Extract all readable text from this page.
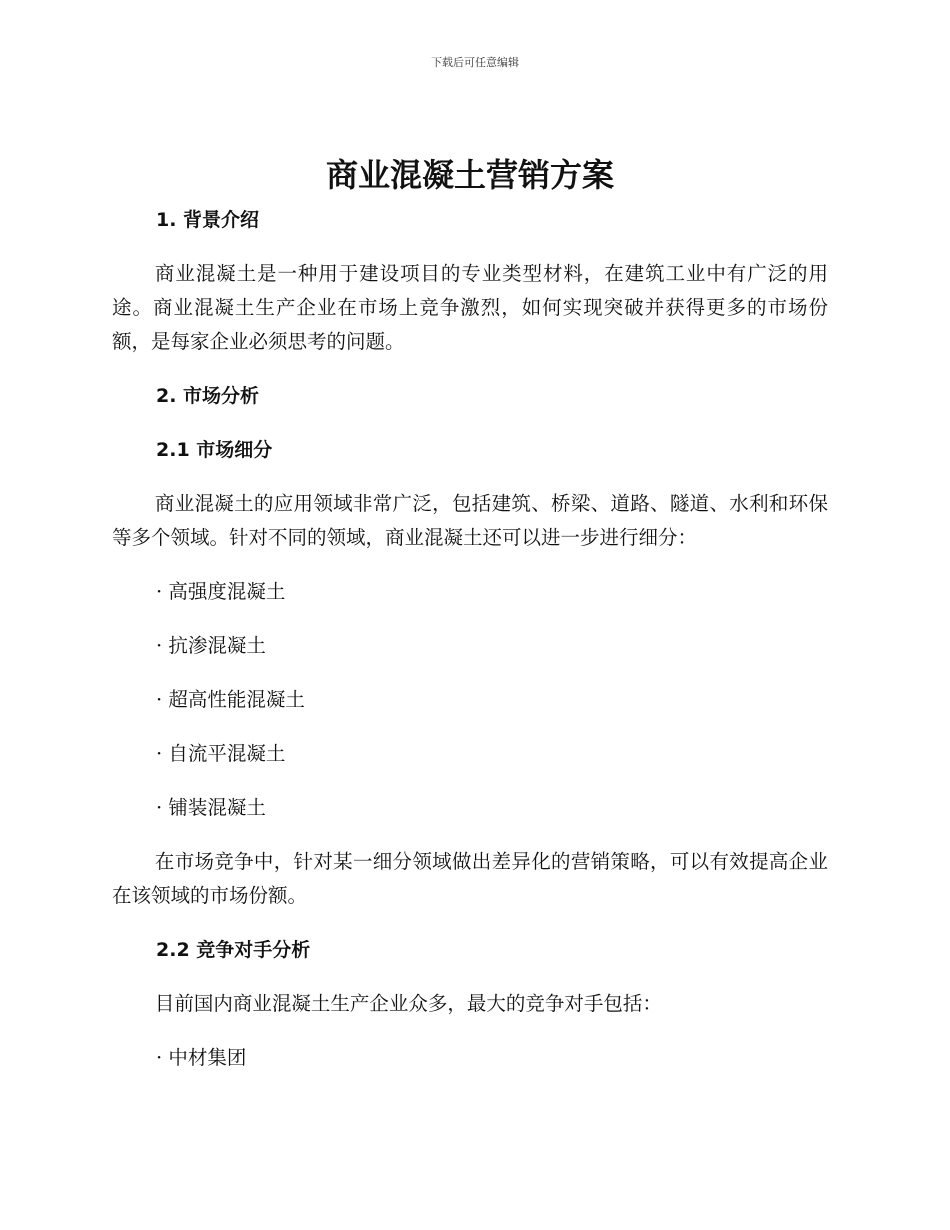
下载后可任意编辑
商业混凝土营销方案
1. 背景介绍

商业混凝土是一种用于建设项目的专业类型材料，在建筑工业中有广泛的用途。商业混凝土生产企业在市场上竞争激烈，如何实现突破并获得更多的市场份额，是每家企业必须思考的问题。

2. 市场分析
2.1 市场细分

商业混凝土的应用领域非常广泛，包括建筑、桥梁、道路、隧道、水利和环保等多个领域。针对不同的领域，商业混凝土还可以进一步进行细分：

· 高强度混凝土

· 抗渗混凝土

· 超高性能混凝土

· 自流平混凝土

· 铺装混凝土

在市场竞争中，针对某一细分领域做出差异化的营销策略，可以有效提高企业在该领域的市场份额。

2.2 竞争对手分析

目前国内商业混凝土生产企业众多，最大的竞争对手包括：

· 中材集团
